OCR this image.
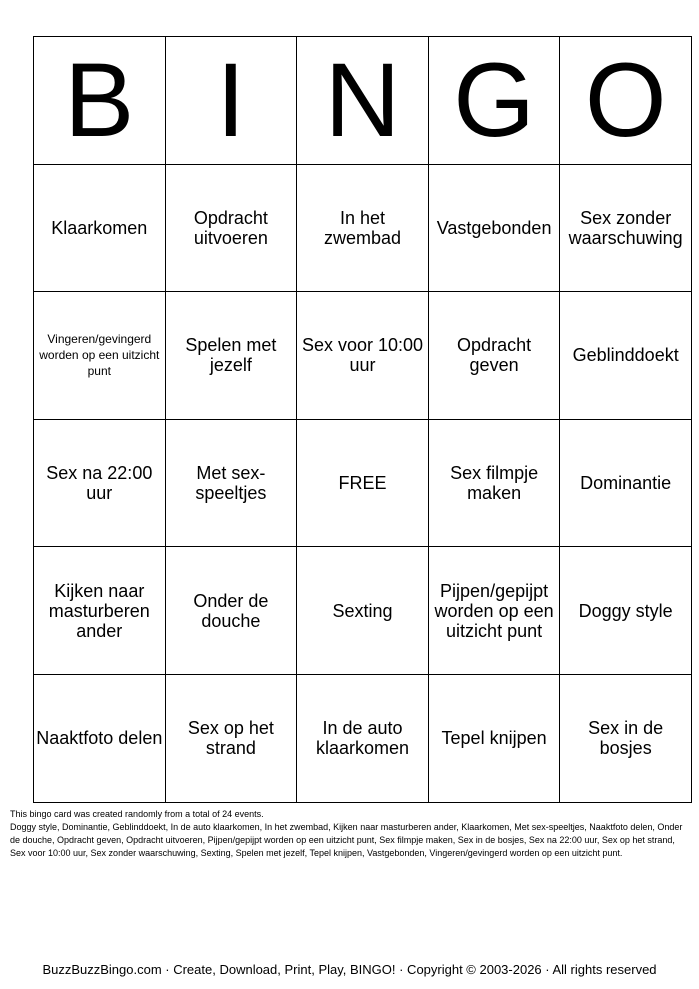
B	I	N	G	O
Klaarkomen	Opdracht uitvoeren	In het zwembad	Vastgebonden	Sex zonder waarschuwing
Vingeren/gevingerd worden op een uitzicht punt	Spelen met jezelf	Sex voor 10:00 uur	Opdracht geven	Geblinddoekt
Sex na 22:00 uur	Met sex-speeltjes	FREE	Sex filmpje maken	Dominantie
Kijken naar masturberen ander	Onder de douche	Sexting	Pijpen/gepijpt worden op een uitzicht punt	Doggy style
Naaktfoto delen	Sex op het strand	In de auto klaarkomen	Tepel knijpen	Sex in de bosjes
This bingo card was created randomly from a total of 24 events.
Doggy style, Dominantie, Geblinddoekt, In de auto klaarkomen, In het zwembad, Kijken naar masturberen ander, Klaarkomen, Met sex-speeltjes, Naaktfoto delen, Onder de douche, Opdracht geven, Opdracht uitvoeren, Pijpen/gepijpt worden op een uitzicht punt, Sex filmpje maken, Sex in de bosjes, Sex na 22:00 uur, Sex op het strand, Sex voor 10:00 uur, Sex zonder waarschuwing, Sexting, Spelen met jezelf, Tepel knijpen, Vastgebonden, Vingeren/gevingerd worden op een uitzicht punt.
BuzzBuzzBingo.com · Create, Download, Print, Play, BINGO! · Copyright © 2003-2026 · All rights reserved
